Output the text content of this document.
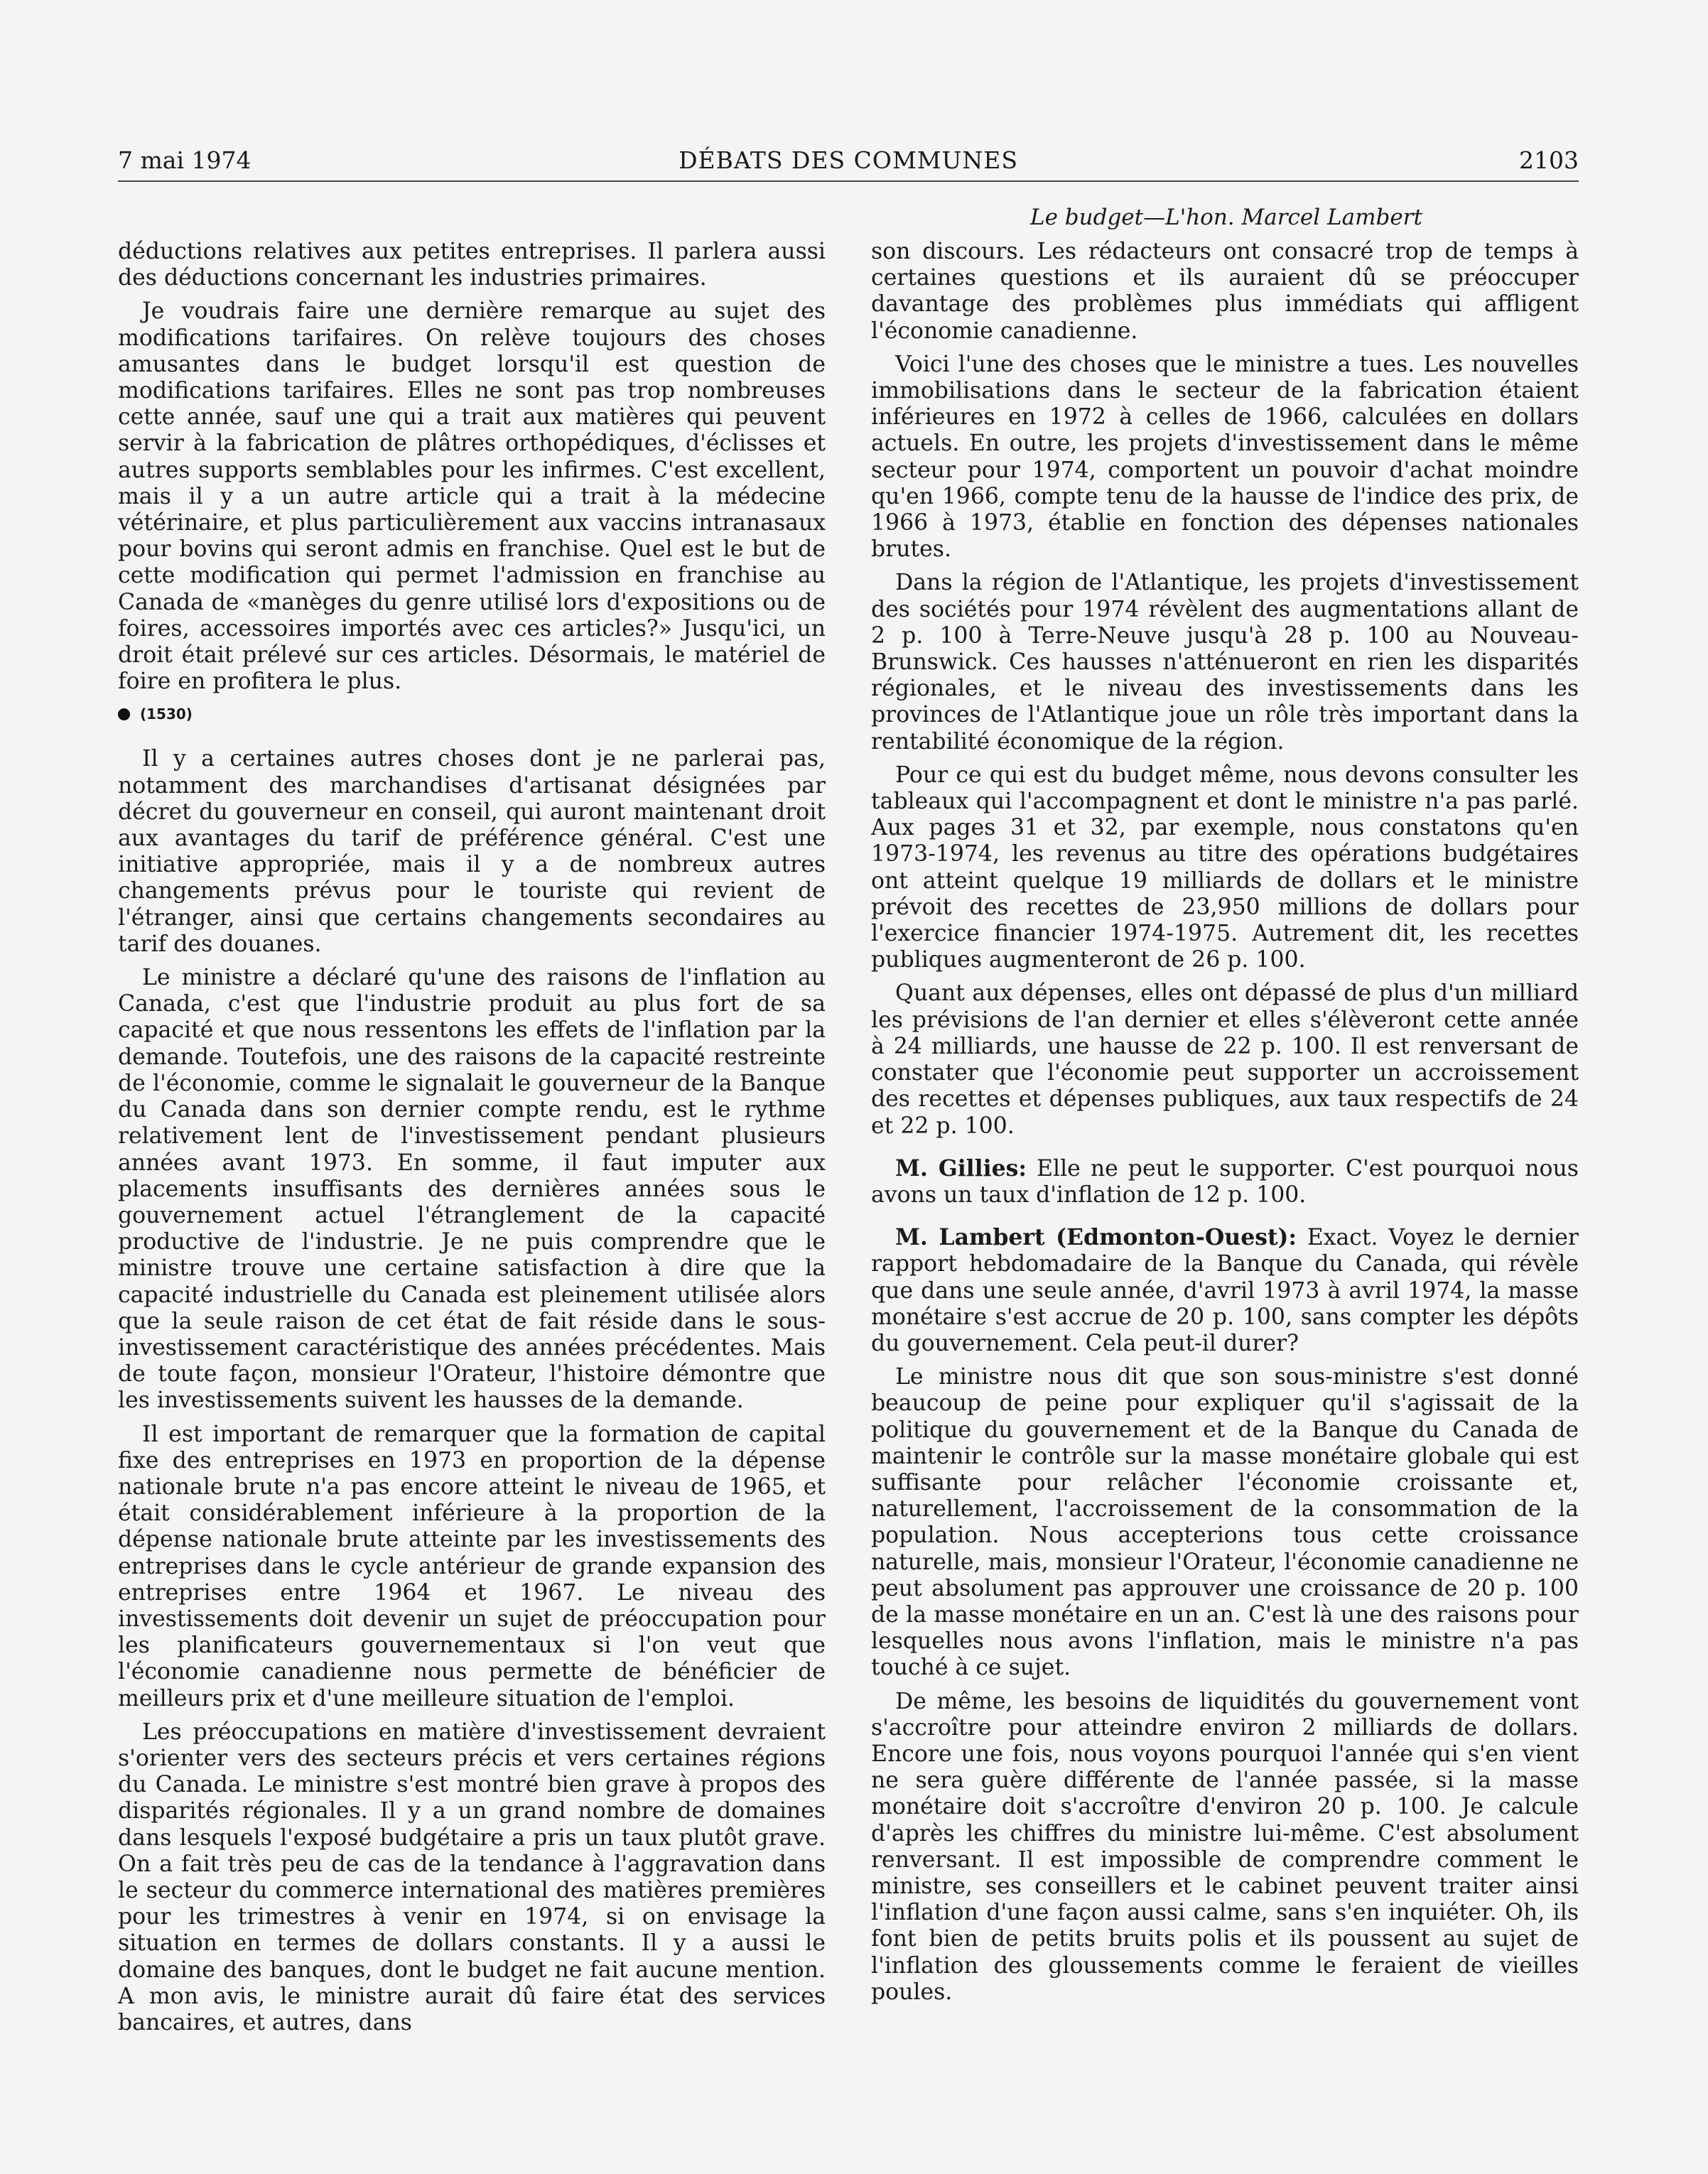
7 mai 1974	DÉBATS DES COMMUNES	2103
Le budget—L'hon. Marcel Lambert

déductions relatives aux petites entreprises. Il parlera aussi des déductions concernant les industries primaires.

Je voudrais faire une dernière remarque au sujet des modifications tarifaires. On relève toujours des choses amusantes dans le budget lorsqu'il est question de modifications tarifaires. Elles ne sont pas trop nombreuses cette année, sauf une qui a trait aux matières qui peuvent servir à la fabrication de plâtres orthopédiques, d'éclisses et autres supports semblables pour les infirmes. C'est excellent, mais il y a un autre article qui a trait à la médecine vétérinaire, et plus particulièrement aux vaccins intranasaux pour bovins qui seront admis en franchise. Quel est le but de cette modification qui permet l'admission en franchise au Canada de «manèges du genre utilisé lors d'expositions ou de foires, accessoires importés avec ces articles?» Jusqu'ici, un droit était prélevé sur ces articles. Désormais, le matériel de foire en profitera le plus.

(1530)

Il y a certaines autres choses dont je ne parlerai pas, notamment des marchandises d'artisanat désignées par décret du gouverneur en conseil, qui auront maintenant droit aux avantages du tarif de préférence général. C'est une initiative appropriée, mais il y a de nombreux autres changements prévus pour le touriste qui revient de l'étranger, ainsi que certains changements secondaires au tarif des douanes.

Le ministre a déclaré qu'une des raisons de l'inflation au Canada, c'est que l'industrie produit au plus fort de sa capacité et que nous ressentons les effets de l'inflation par la demande. Toutefois, une des raisons de la capacité restreinte de l'économie, comme le signalait le gouverneur de la Banque du Canada dans son dernier compte rendu, est le rythme relativement lent de l'investissement pendant plusieurs années avant 1973. En somme, il faut imputer aux placements insuffisants des dernières années sous le gouvernement actuel l'étranglement de la capacité productive de l'industrie. Je ne puis comprendre que le ministre trouve une certaine satisfaction à dire que la capacité industrielle du Canada est pleinement utilisée alors que la seule raison de cet état de fait réside dans le sous-investissement caractéristique des années précédentes. Mais de toute façon, monsieur l'Orateur, l'histoire démontre que les investissements suivent les hausses de la demande.

Il est important de remarquer que la formation de capital fixe des entreprises en 1973 en proportion de la dépense nationale brute n'a pas encore atteint le niveau de 1965, et était considérablement inférieure à la proportion de la dépense nationale brute atteinte par les investissements des entreprises dans le cycle antérieur de grande expansion des entreprises entre 1964 et 1967. Le niveau des investissements doit devenir un sujet de préoccupation pour les planificateurs gouvernementaux si l'on veut que l'économie canadienne nous permette de bénéficier de meilleurs prix et d'une meilleure situation de l'emploi.

Les préoccupations en matière d'investissement devraient s'orienter vers des secteurs précis et vers certaines régions du Canada. Le ministre s'est montré bien grave à propos des disparités régionales. Il y a un grand nombre de domaines dans lesquels l'exposé budgétaire a pris un taux plutôt grave. On a fait très peu de cas de la tendance à l'aggravation dans le secteur du commerce international des matières premières pour les trimestres à venir en 1974, si on envisage la situation en termes de dollars constants. Il y a aussi le domaine des banques, dont le budget ne fait aucune mention. A mon avis, le ministre aurait dû faire état des services bancaires, et autres, dans

son discours. Les rédacteurs ont consacré trop de temps à certaines questions et ils auraient dû se préoccuper davantage des problèmes plus immédiats qui affligent l'économie canadienne.

Voici l'une des choses que le ministre a tues. Les nouvelles immobilisations dans le secteur de la fabrication étaient inférieures en 1972 à celles de 1966, calculées en dollars actuels. En outre, les projets d'investissement dans le même secteur pour 1974, comportent un pouvoir d'achat moindre qu'en 1966, compte tenu de la hausse de l'indice des prix, de 1966 à 1973, établie en fonction des dépenses nationales brutes.

Dans la région de l'Atlantique, les projets d'investissement des sociétés pour 1974 révèlent des augmentations allant de 2 p. 100 à Terre-Neuve jusqu'à 28 p. 100 au Nouveau-Brunswick. Ces hausses n'atténueront en rien les disparités régionales, et le niveau des investissements dans les provinces de l'Atlantique joue un rôle très important dans la rentabilité économique de la région.

Pour ce qui est du budget même, nous devons consulter les tableaux qui l'accompagnent et dont le ministre n'a pas parlé. Aux pages 31 et 32, par exemple, nous constatons qu'en 1973-1974, les revenus au titre des opérations budgétaires ont atteint quelque 19 milliards de dollars et le ministre prévoit des recettes de 23,950 millions de dollars pour l'exercice financier 1974-1975. Autrement dit, les recettes publiques augmenteront de 26 p. 100.

Quant aux dépenses, elles ont dépassé de plus d'un milliard les prévisions de l'an dernier et elles s'élèveront cette année à 24 milliards, une hausse de 22 p. 100. Il est renversant de constater que l'économie peut supporter un accroissement des recettes et dépenses publiques, aux taux respectifs de 24 et 22 p. 100.

M. Gillies: Elle ne peut le supporter. C'est pourquoi nous avons un taux d'inflation de 12 p. 100.

M. Lambert (Edmonton-Ouest): Exact. Voyez le dernier rapport hebdomadaire de la Banque du Canada, qui révèle que dans une seule année, d'avril 1973 à avril 1974, la masse monétaire s'est accrue de 20 p. 100, sans compter les dépôts du gouvernement. Cela peut-il durer?

Le ministre nous dit que son sous-ministre s'est donné beaucoup de peine pour expliquer qu'il s'agissait de la politique du gouvernement et de la Banque du Canada de maintenir le contrôle sur la masse monétaire globale qui est suffisante pour relâcher l'économie croissante et, naturellement, l'accroissement de la consommation de la population. Nous accepterions tous cette croissance naturelle, mais, monsieur l'Orateur, l'économie canadienne ne peut absolument pas approuver une croissance de 20 p. 100 de la masse monétaire en un an. C'est là une des raisons pour lesquelles nous avons l'inflation, mais le ministre n'a pas touché à ce sujet.

De même, les besoins de liquidités du gouvernement vont s'accroître pour atteindre environ 2 milliards de dollars. Encore une fois, nous voyons pourquoi l'année qui s'en vient ne sera guère différente de l'année passée, si la masse monétaire doit s'accroître d'environ 20 p. 100. Je calcule d'après les chiffres du ministre lui-même. C'est absolument renversant. Il est impossible de comprendre comment le ministre, ses conseillers et le cabinet peuvent traiter ainsi l'inflation d'une façon aussi calme, sans s'en inquiéter. Oh, ils font bien de petits bruits polis et ils poussent au sujet de l'inflation des gloussements comme le feraient de vieilles poules.
